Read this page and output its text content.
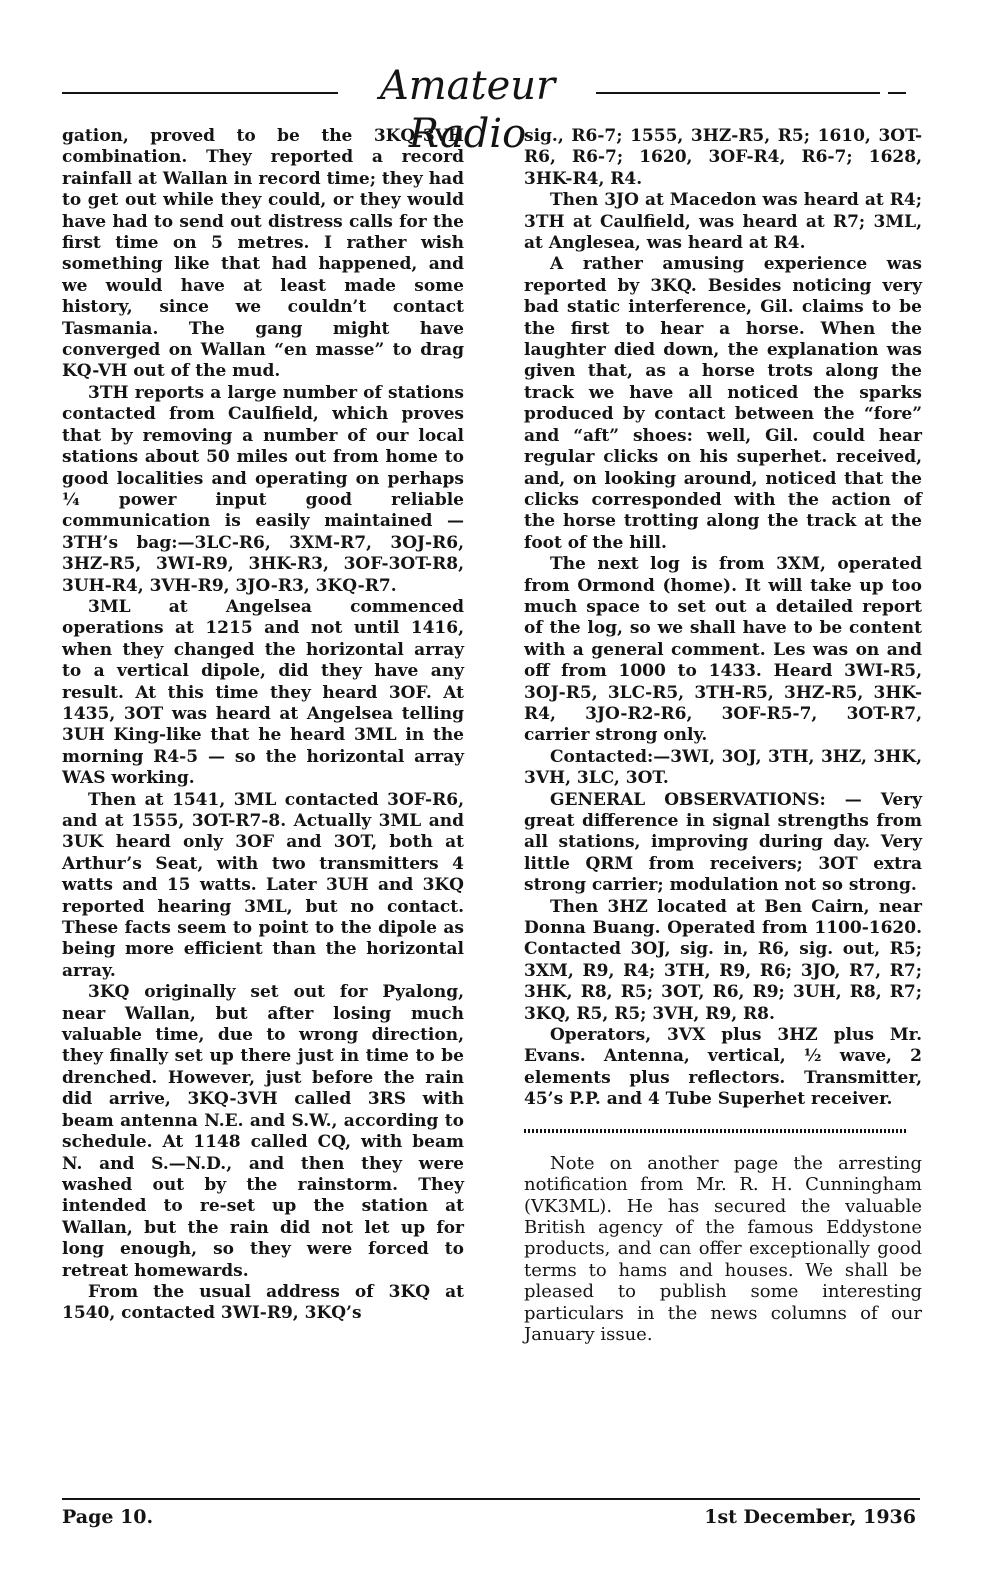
Amateur Radio

gation, proved to be the 3KQ-3VH combination. They reported a record rainfall at Wallan in record time; they had to get out while they could, or they would have had to send out distress calls for the first time on 5 metres. I rather wish something like that had happened, and we would have at least made some history, since we couldn’t contact Tasmania. The gang might have converged on Wallan “en masse” to drag KQ-VH out of the mud.

3TH reports a large number of stations contacted from Caulfield, which proves that by removing a number of our local stations about 50 miles out from home to good localities and operating on perhaps ¼ power input good reliable communication is easily maintained — 3TH’s bag:—3LC-R6, 3XM-R7, 3OJ-R6, 3HZ-R5, 3WI-R9, 3HK-R3, 3OF-3OT-R8, 3UH-R4, 3VH-R9, 3JO-R3, 3KQ-R7.

3ML at Angelsea commenced operations at 1215 and not until 1416, when they changed the horizontal array to a vertical dipole, did they have any result. At this time they heard 3OF. At 1435, 3OT was heard at Angelsea telling 3UH King-like that he heard 3ML in the morning R4-5 — so the horizontal array WAS working.

Then at 1541, 3ML contacted 3OF-R6, and at 1555, 3OT-R7-8. Actually 3ML and 3UK heard only 3OF and 3OT, both at Arthur’s Seat, with two transmitters 4 watts and 15 watts. Later 3UH and 3KQ reported hearing 3ML, but no contact. These facts seem to point to the dipole as being more efficient than the horizontal array.

3KQ originally set out for Pyalong, near Wallan, but after losing much valuable time, due to wrong direction, they finally set up there just in time to be drenched. However, just before the rain did arrive, 3KQ-3VH called 3RS with beam antenna N.E. and S.W., according to schedule. At 1148 called CQ, with beam N. and S.—N.D., and then they were washed out by the rainstorm. They intended to re-set up the station at Wallan, but the rain did not let up for long enough, so they were forced to retreat homewards.

From the usual address of 3KQ at 1540, contacted 3WI-R9, 3KQ’s

sig., R6-7; 1555, 3HZ-R5, R5; 1610, 3OT-R6, R6-7; 1620, 3OF-R4, R6-7; 1628, 3HK-R4, R4.

Then 3JO at Macedon was heard at R4; 3TH at Caulfield, was heard at R7; 3ML, at Anglesea, was heard at R4.

A rather amusing experience was reported by 3KQ. Besides noticing very bad static interference, Gil. claims to be the first to hear a horse. When the laughter died down, the explanation was given that, as a horse trots along the track we have all noticed the sparks produced by contact between the “fore” and “aft” shoes: well, Gil. could hear regular clicks on his superhet. received, and, on looking around, noticed that the clicks corresponded with the action of the horse trotting along the track at the foot of the hill.

The next log is from 3XM, operated from Ormond (home). It will take up too much space to set out a detailed report of the log, so we shall have to be content with a general comment. Les was on and off from 1000 to 1433. Heard 3WI-R5, 3OJ-R5, 3LC-R5, 3TH-R5, 3HZ-R5, 3HK-R4, 3JO-R2-R6, 3OF-R5-7, 3OT-R7, carrier strong only.

Contacted:—3WI, 3OJ, 3TH, 3HZ, 3HK, 3VH, 3LC, 3OT.

GENERAL OBSERVATIONS: — Very great difference in signal strengths from all stations, improving during day. Very little QRM from receivers; 3OT extra strong carrier; modulation not so strong.

Then 3HZ located at Ben Cairn, near Donna Buang. Operated from 1100-1620. Contacted 3OJ, sig. in, R6, sig. out, R5; 3XM, R9, R4; 3TH, R9, R6; 3JO, R7, R7; 3HK, R8, R5; 3OT, R6, R9; 3UH, R8, R7; 3KQ, R5, R5; 3VH, R9, R8.

Operators, 3VX plus 3HZ plus Mr. Evans. Antenna, vertical, ½ wave, 2 elements plus reflectors. Transmitter, 45’s P.P. and 4 Tube Superhet receiver.

Note on another page the arresting notification from Mr. R. H. Cunningham (VK3ML). He has secured the valuable British agency of the famous Eddystone products, and can offer exceptionally good terms to hams and houses. We shall be pleased to publish some interesting particulars in the news columns of our January issue.

Page 10.	1st December, 1936
